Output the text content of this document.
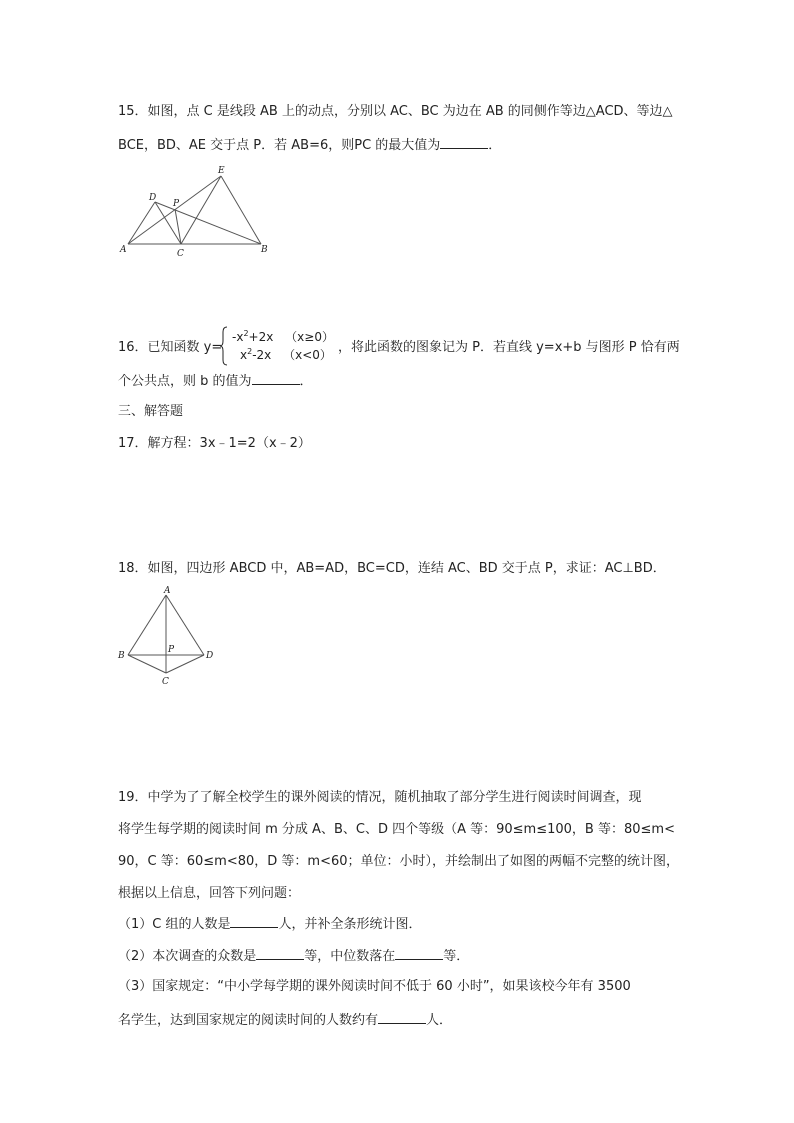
15．如图，点 C 是线段 AB 上的动点，分别以 AC、BC 为边在 AB 的同侧作等边△ACD、等边△
BCE，BD、AE 交于点 P．若 AB=6，则PC 的最大值为	．
A	B
C
D
E
P
16．已知函数 y=
$-x^2+2x$ （x≥0）
$x^2-2x$ （x<0） ，将此函数的图象记为 P．若直线 y=x+b 与图形 P 恰有两
个公共点，则 b 的值为	．
三、解答题
17．解方程：3x﹣1=2（x﹣2）
18．如图，四边形 ABCD 中，AB=AD，BC=CD，连结 AC、BD 交于点 P，求证：AC⊥BD．
A
B
C
D
P
19．中学为了了解全校学生的课外阅读的情况，随机抽取了部分学生进行阅读时间调查，现
将学生每学期的阅读时间 m 分成 A、B、C、D 四个等级（A 等：90≤m≤100，B 等：80≤m<
90，C 等：60≤m<80，D 等：m<60；单位：小时），并绘制出了如图的两幅不完整的统计图，
根据以上信息，回答下列问题：
（1）C 组的人数是	人，并补全条形统计图．
（2）本次调查的众数是	等，中位数落在	等．
（3）国家规定：“中小学每学期的课外阅读时间不低于 60 小时”，如果该校今年有 3500
名学生，达到国家规定的阅读时间的人数约有	人．
